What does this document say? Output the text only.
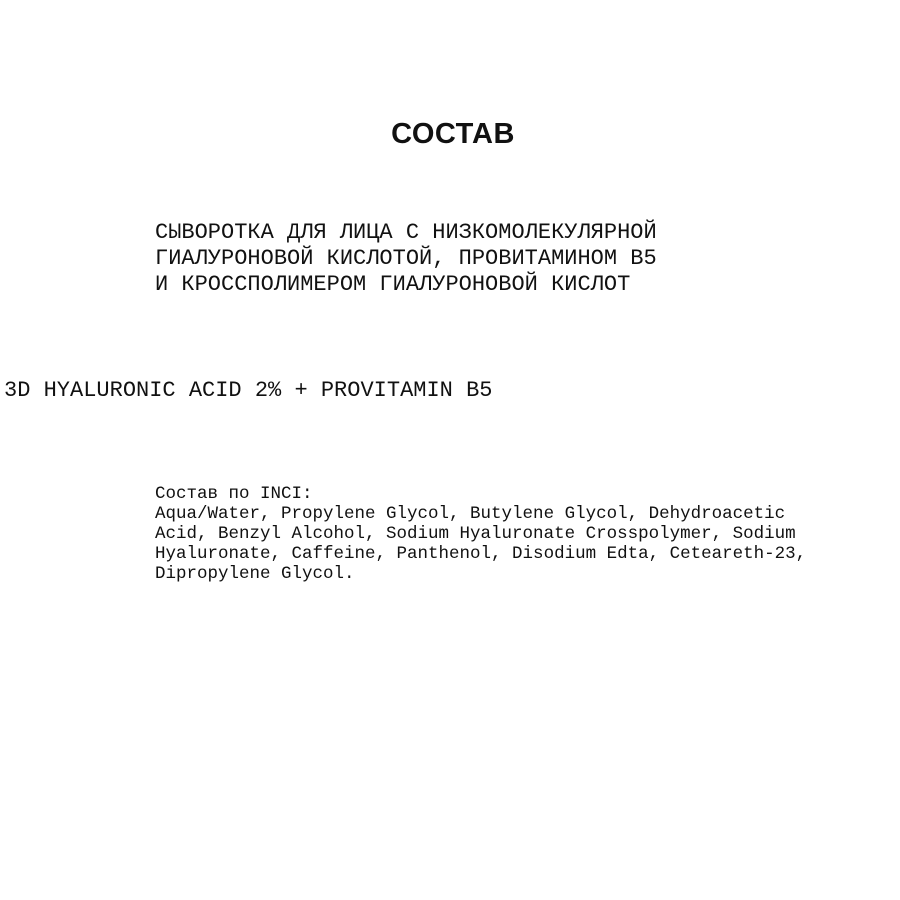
СОСТАВ
СЫВОРОТКА ДЛЯ ЛИЦА С НИЗКОМОЛЕКУЛЯРНОЙ
ГИАЛУРОНОВОЙ КИСЛОТОЙ, ПРОВИТАМИНОМ B5
И КРОССПОЛИМЕРОМ ГИАЛУРОНОВОЙ КИСЛОТ
3D HYALURONIC ACID 2% + PROVITAMIN B5
Состав по INCI:
Aqua/Water, Propylene Glycol, Butylene Glycol, Dehydroacetic
Acid, Benzyl Alcohol, Sodium Hyaluronate Crosspolymer, Sodium
Hyaluronate, Caffeine, Panthenol, Disodium Edta, Ceteareth-23,
Dipropylene Glycol.
